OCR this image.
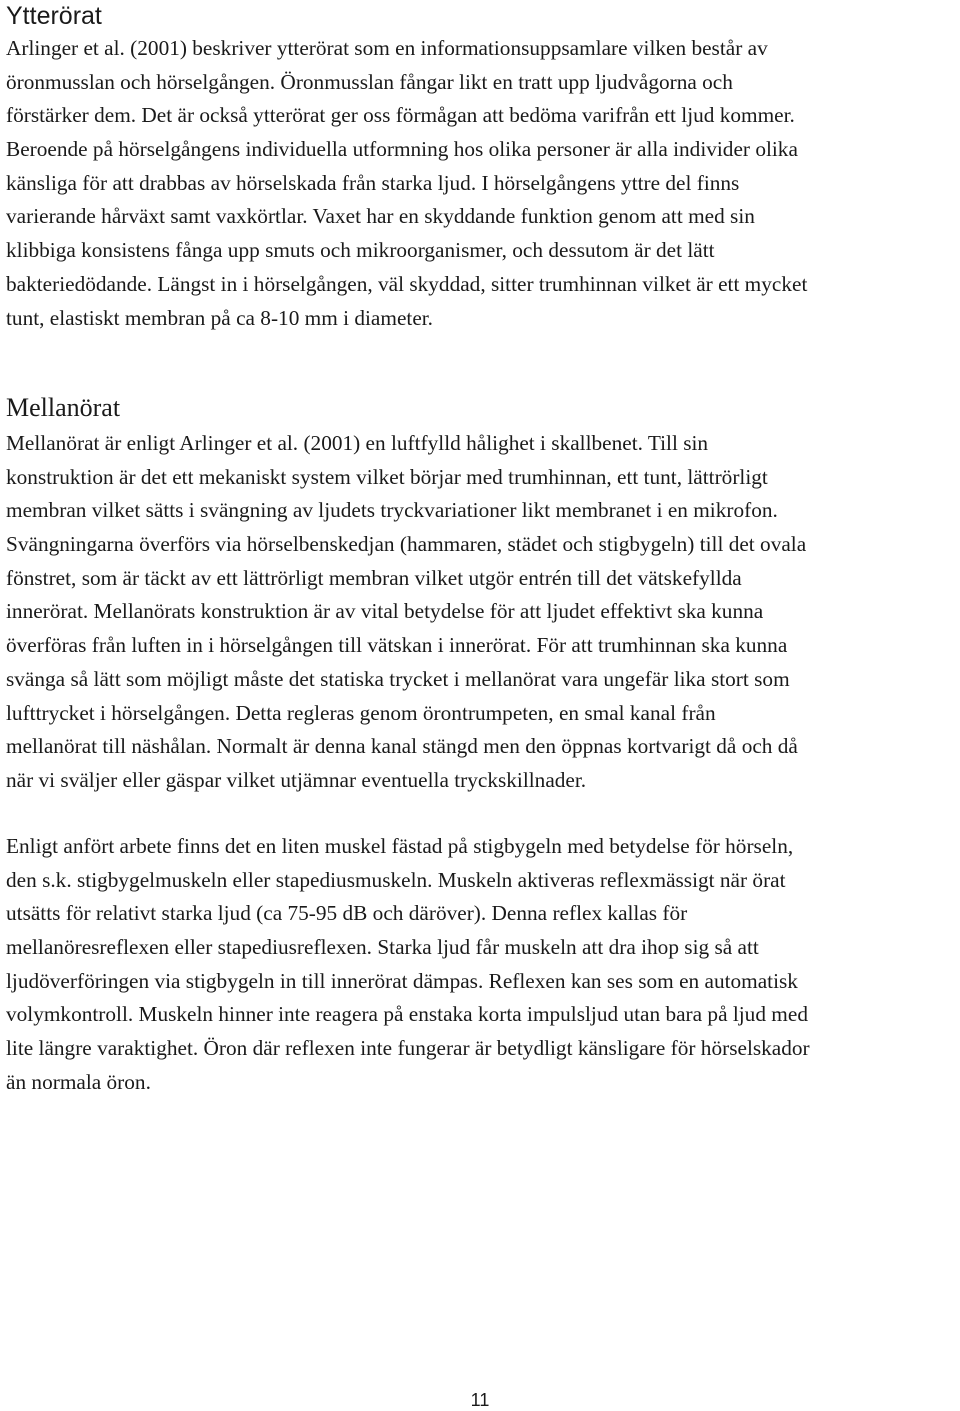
Ytterörat
Arlinger et al. (2001) beskriver ytterörat som en informationsuppsamlare vilken består av
öronmusslan och hörselgången. Öronmusslan fångar likt en tratt upp ljudvågorna och
förstärker dem. Det är också ytterörat ger oss förmågan att bedöma varifrån ett ljud kommer.
Beroende på hörselgångens individuella utformning hos olika personer är alla individer olika
känsliga för att drabbas av hörselskada från starka ljud. I hörselgångens yttre del finns
varierande hårväxt samt vaxkörtlar. Vaxet har en skyddande funktion genom att med sin
klibbiga konsistens fånga upp smuts och mikroorganismer, och dessutom är det lätt
bakteriedödande. Längst in i hörselgången, väl skyddad, sitter trumhinnan vilket är ett mycket
tunt, elastiskt membran på ca 8-10 mm i diameter.
Mellanörat
Mellanörat är enligt Arlinger et al. (2001) en luftfylld hålighet i skallbenet. Till sin
konstruktion är det ett mekaniskt system vilket börjar med trumhinnan, ett tunt, lättrörligt
membran vilket sätts i svängning av ljudets tryckvariationer likt membranet i en mikrofon.
Svängningarna överförs via hörselbenskedjan (hammaren, städet och stigbygeln) till det ovala
fönstret, som är täckt av ett lättrörligt membran vilket utgör entrén till det vätskefyllda
innerörat. Mellanörats konstruktion är av vital betydelse för att ljudet effektivt ska kunna
överföras från luften in i hörselgången till vätskan i innerörat. För att trumhinnan ska kunna
svänga så lätt som möjligt måste det statiska trycket i mellanörat vara ungefär lika stort som
lufttrycket i hörselgången. Detta regleras genom örontrumpeten, en smal kanal från
mellanörat till näshålan. Normalt är denna kanal stängd men den öppnas kortvarigt då och då
när vi sväljer eller gäspar vilket utjämnar eventuella tryckskillnader.
Enligt anfört arbete finns det en liten muskel fästad på stigbygeln med betydelse för hörseln,
den s.k. stigbygelmuskeln eller stapediusmuskeln. Muskeln aktiveras reflexmässigt när örat
utsätts för relativt starka ljud (ca 75-95 dB och däröver). Denna reflex kallas för
mellanöresreflexen eller stapediusreflexen. Starka ljud får muskeln att dra ihop sig så att
ljudöverföringen via stigbygeln in till innerörat dämpas. Reflexen kan ses som en automatisk
volymkontroll. Muskeln hinner inte reagera på enstaka korta impulsljud utan bara på ljud med
lite längre varaktighet. Öron där reflexen inte fungerar är betydligt känsligare för hörselskador
än normala öron.
11
